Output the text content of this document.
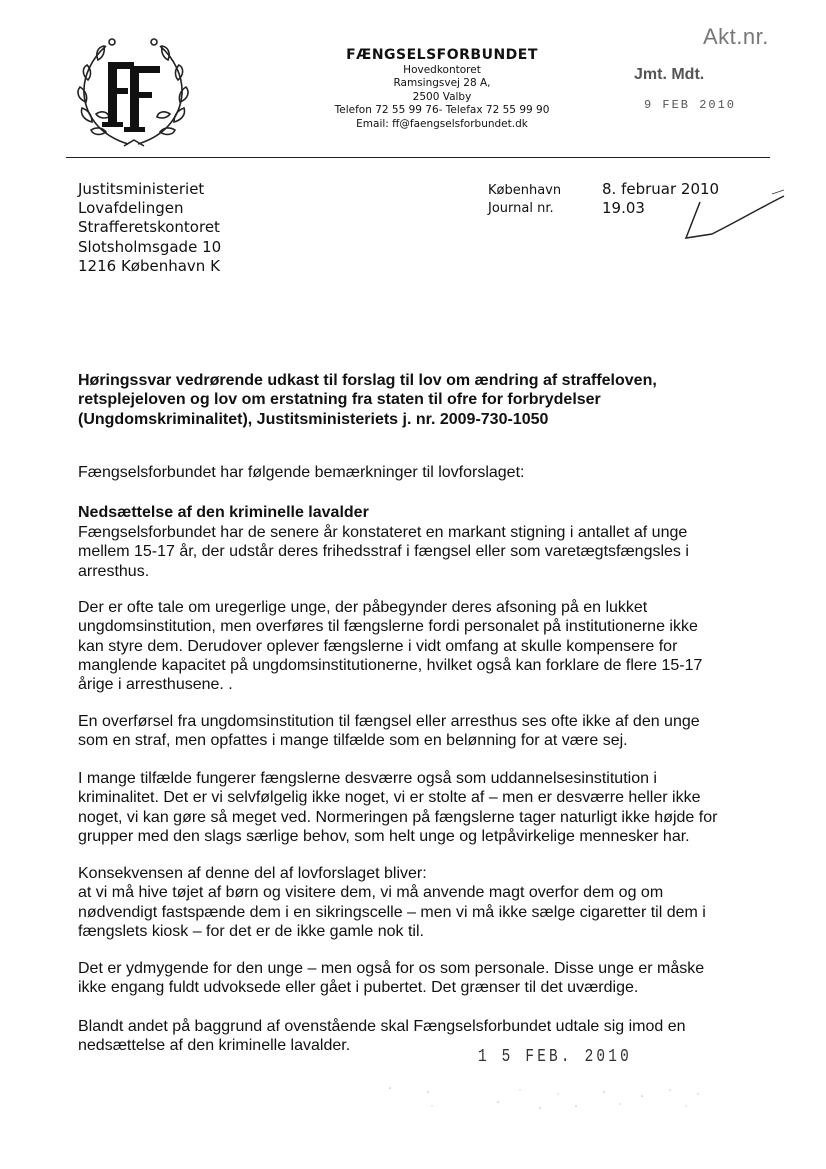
FÆNGSELSFORBUNDET
Hovedkontoret
Ramsingsvej 28 A,
2500 Valby
Telefon 72 55 99 76- Telefax 72 55 99 90
Email: ff@faengselsforbundet.dk
Akt.nr.
Jmt. Mdt.
9 FEB 2010
Justitsministeriet
Lovafdelingen
Strafferetskontoret
Slotsholmsgade 10
1216 København K
København
Journal nr.
8. februar 2010
19.03
Høringssvar vedrørende udkast til forslag til lov om ændring af straffeloven,
retsplejeloven og lov om erstatning fra staten til ofre for forbrydelser
(Ungdomskriminalitet), Justitsministeriets j. nr. 2009-730-1050

Fængselsforbundet har følgende bemærkninger til lovforslaget:

Nedsættelse af den kriminelle lavalder

Fængselsforbundet har de senere år konstateret en markant stigning i antallet af unge

mellem 15-17 år, der udstår deres frihedsstraf i fængsel eller som varetægtsfængsles i

arresthus.

Der er ofte tale om uregerlige unge, der påbegynder deres afsoning på en lukket

ungdomsinstitution, men overføres til fængslerne fordi personalet på institutionerne ikke

kan styre dem. Derudover oplever fængslerne i vidt omfang at skulle kompensere for

manglende kapacitet på ungdomsinstitutionerne, hvilket også kan forklare de flere 15-17

årige i arresthusene. .

En overførsel fra ungdomsinstitution til fængsel eller arresthus ses ofte ikke af den unge

som en straf, men opfattes i mange tilfælde som en belønning for at være sej.

I mange tilfælde fungerer fængslerne desværre også som uddannelsesinstitution i

kriminalitet. Det er vi selvfølgelig ikke noget, vi er stolte af – men er desværre heller ikke

noget, vi kan gøre så meget ved. Normeringen på fængslerne tager naturligt ikke højde for

grupper med den slags særlige behov, som helt unge og letpåvirkelige mennesker har.

Konsekvensen af denne del af lovforslaget bliver:

at vi må hive tøjet af børn og visitere dem, vi må anvende magt overfor dem og om

nødvendigt fastspænde dem i en sikringscelle – men vi må ikke sælge cigaretter til dem i

fængslets kiosk – for det er de ikke gamle nok til.

Det er ydmygende for den unge – men også for os som personale. Disse unge er måske

ikke engang fuldt udvoksede eller gået i pubertet. Det grænser til det uværdige.

Blandt andet på baggrund af ovenstående skal Fængselsforbundet udtale sig imod en

nedsættelse af den kriminelle lavalder.

1 5 FEB. 2010
